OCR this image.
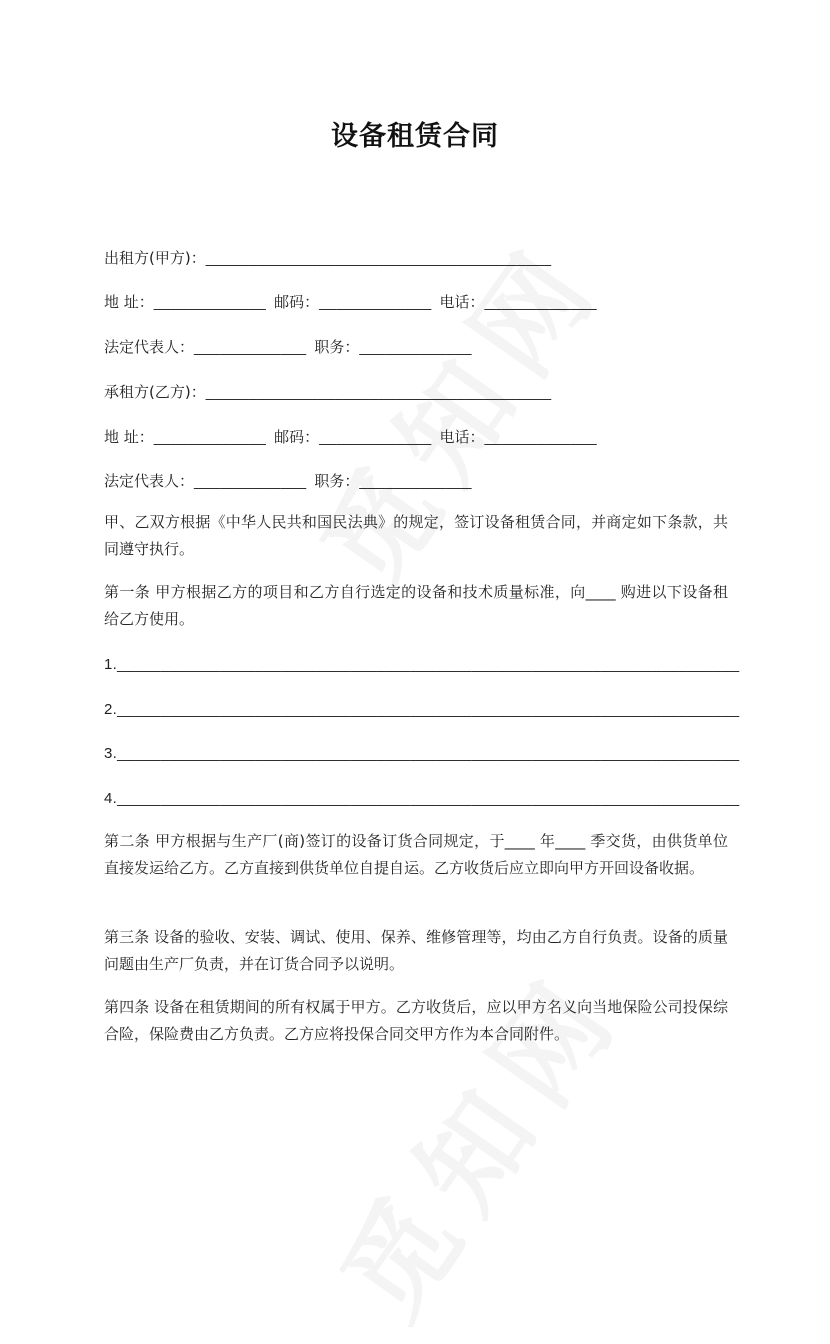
设备租赁合同
出租方(甲方)：________________________________________
地 址：_____________ 邮码：_____________ 电话：_____________
法定代表人：_____________ 职务：_____________
承租方(乙方)：________________________________________
地 址：_____________ 邮码：_____________ 电话：_____________
法定代表人：_____________ 职务：_____________
甲、乙双方根据《中华人民共和国民法典》的规定，签订设备租赁合同，并商定如下条款，共同遵守执行。
第一条 甲方根据乙方的项目和乙方自行选定的设备和技术质量标准，向____ 购进以下设备租给乙方使用。
1.________________________________________________________________________
2.________________________________________________________________________
3.________________________________________________________________________
4.________________________________________________________________________
第二条 甲方根据与生产厂(商)签订的设备订货合同规定，于____ 年____ 季交货，由供货单位直接发运给乙方。乙方直接到供货单位自提自运。乙方收货后应立即向甲方开回设备收据。
第三条 设备的验收、安装、调试、使用、保养、维修管理等，均由乙方自行负责。设备的质量问题由生产厂负责，并在订货合同予以说明。
第四条 设备在租赁期间的所有权属于甲方。乙方收货后，应以甲方名义向当地保险公司投保综合险，保险费由乙方负责。乙方应将投保合同交甲方作为本合同附件。
